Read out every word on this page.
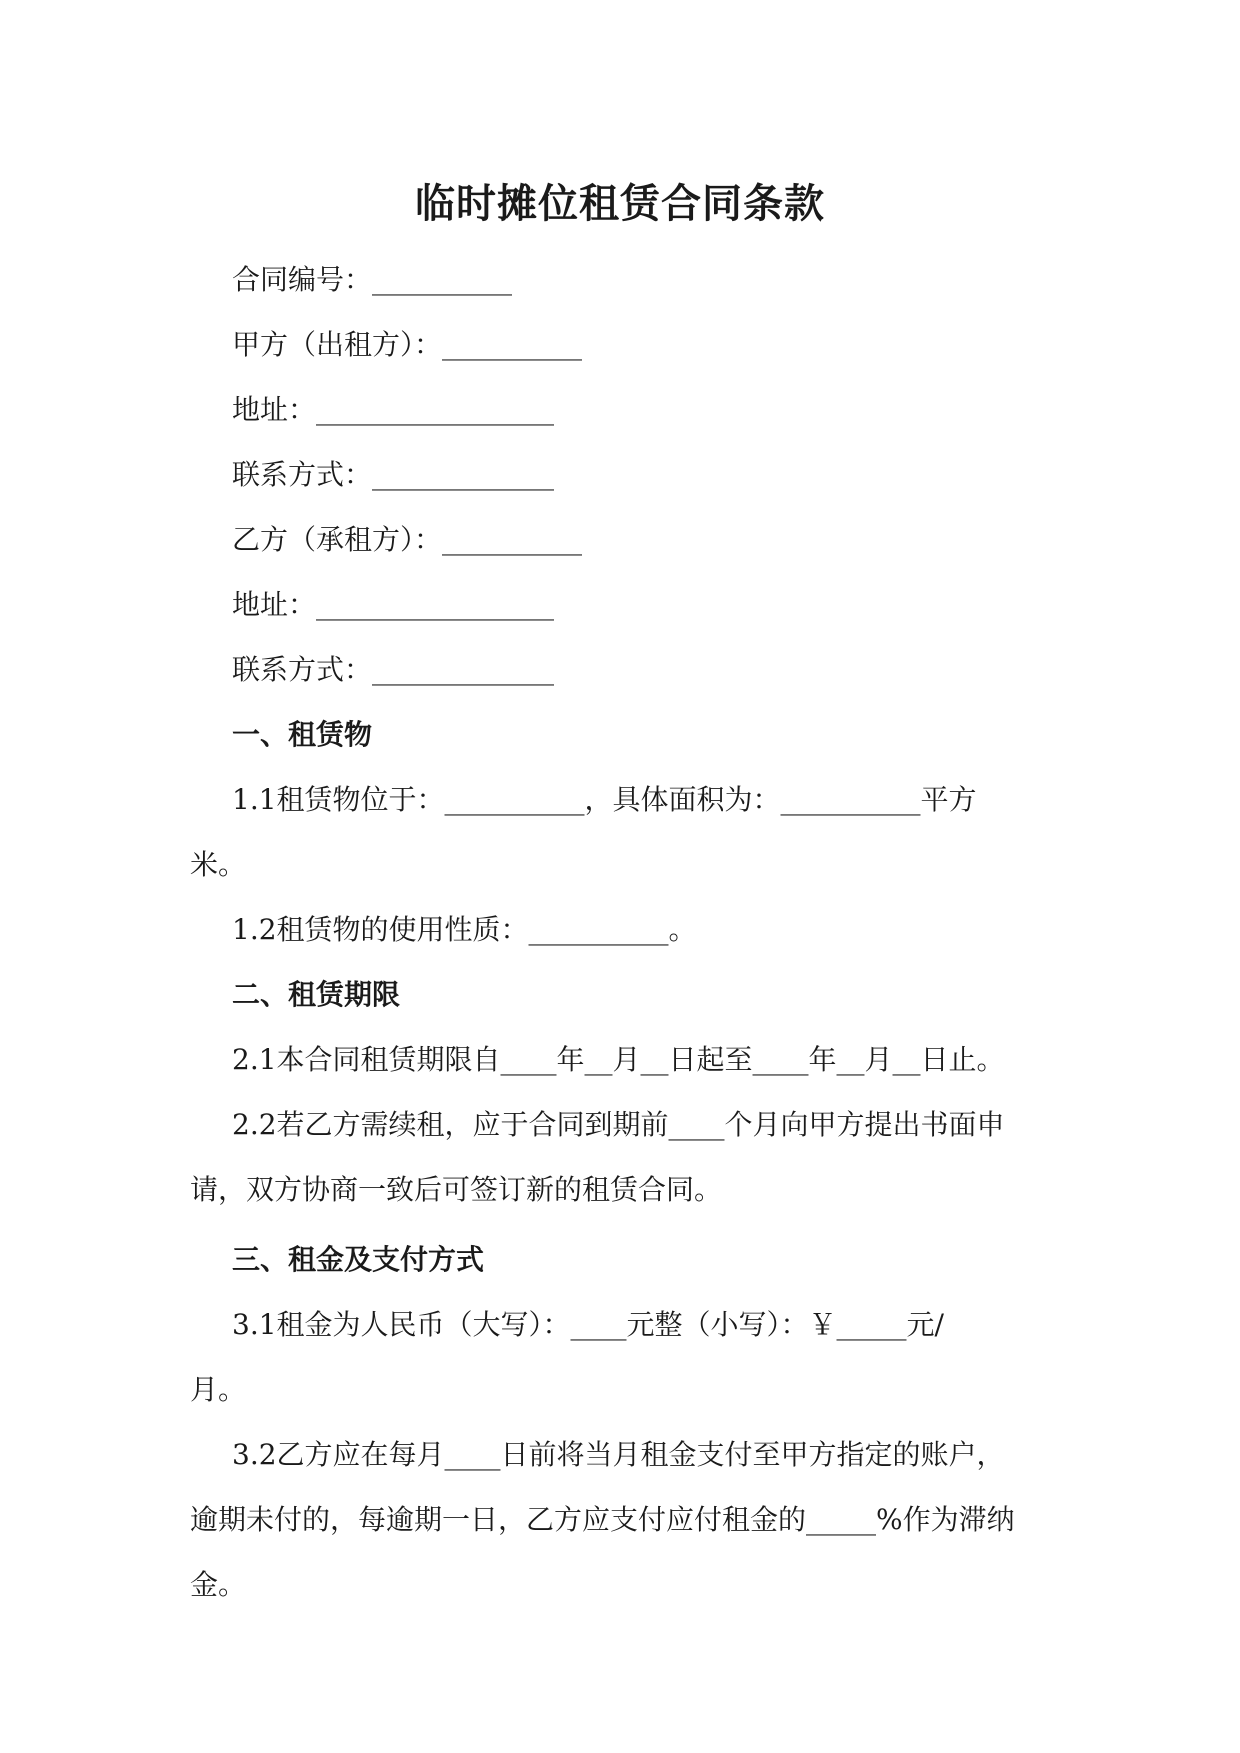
临时摊位租赁合同条款
合同编号：__________
甲方（出租方）：__________
地址：_________________
联系方式：_____________
乙方（承租方）：__________
地址：_________________
联系方式：_____________
一、租赁物
1.1租赁物位于：__________，具体面积为：__________平方
米。
1.2租赁物的使用性质：__________。
二、租赁期限
2.1本合同租赁期限自____年__月__日起至____年__月__日止。
2.2若乙方需续租，应于合同到期前____个月向甲方提出书面申
请，双方协商一致后可签订新的租赁合同。
三、租金及支付方式
3.1租金为人民币（大写）：____元整（小写）：￥_____元/
月。
3.2乙方应在每月____日前将当月租金支付至甲方指定的账户，
逾期未付的，每逾期一日，乙方应支付应付租金的_____%作为滞纳
金。
